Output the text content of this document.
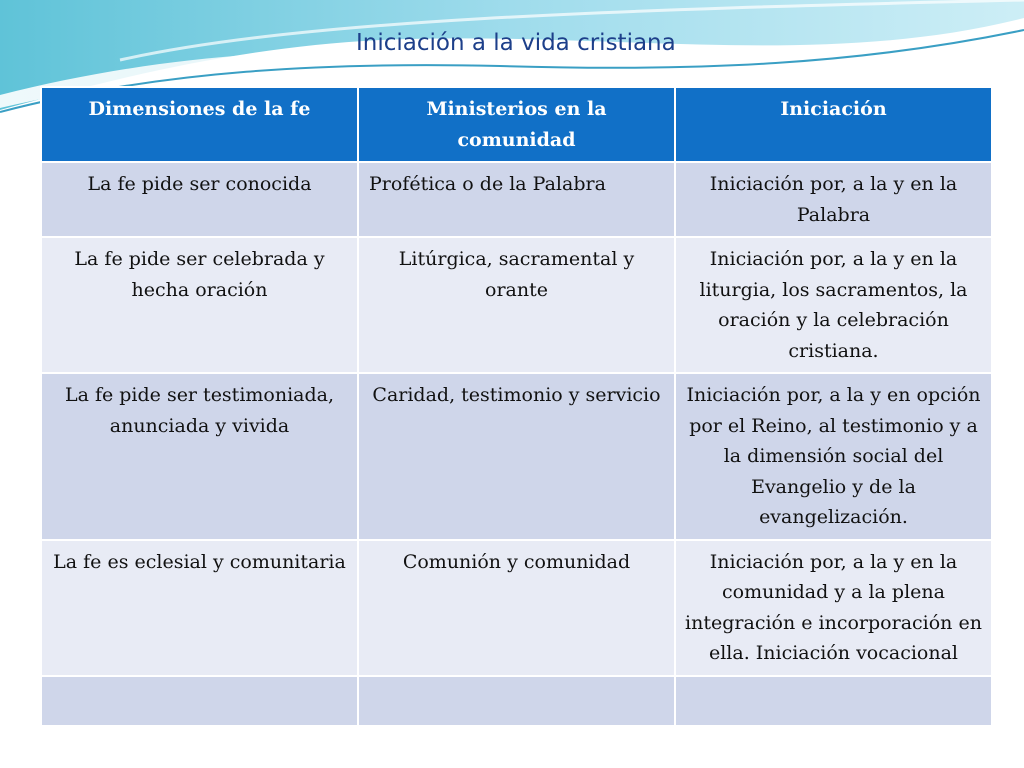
Iniciación a la vida cristiana
Dimensiones de la fe	Ministerios en la comunidad	Iniciación
La fe pide ser conocida	Profética o de la Palabra	Iniciación por, a la y en la Palabra
La fe pide ser celebrada y hecha oración	Litúrgica, sacramental y orante	Iniciación por, a la y en la liturgia, los sacramentos, la oración y la celebración cristiana.
La fe pide ser testimoniada, anunciada y vivida	Caridad, testimonio y servicio	Iniciación por, a la y en opción por el Reino, al testimonio y a la dimensión social del Evangelio y de la evangelización.
La fe es eclesial y comunitaria	Comunión y comunidad	Iniciación por, a la y en la comunidad y a la plena integración e incorporación en ella. Iniciación vocacional
